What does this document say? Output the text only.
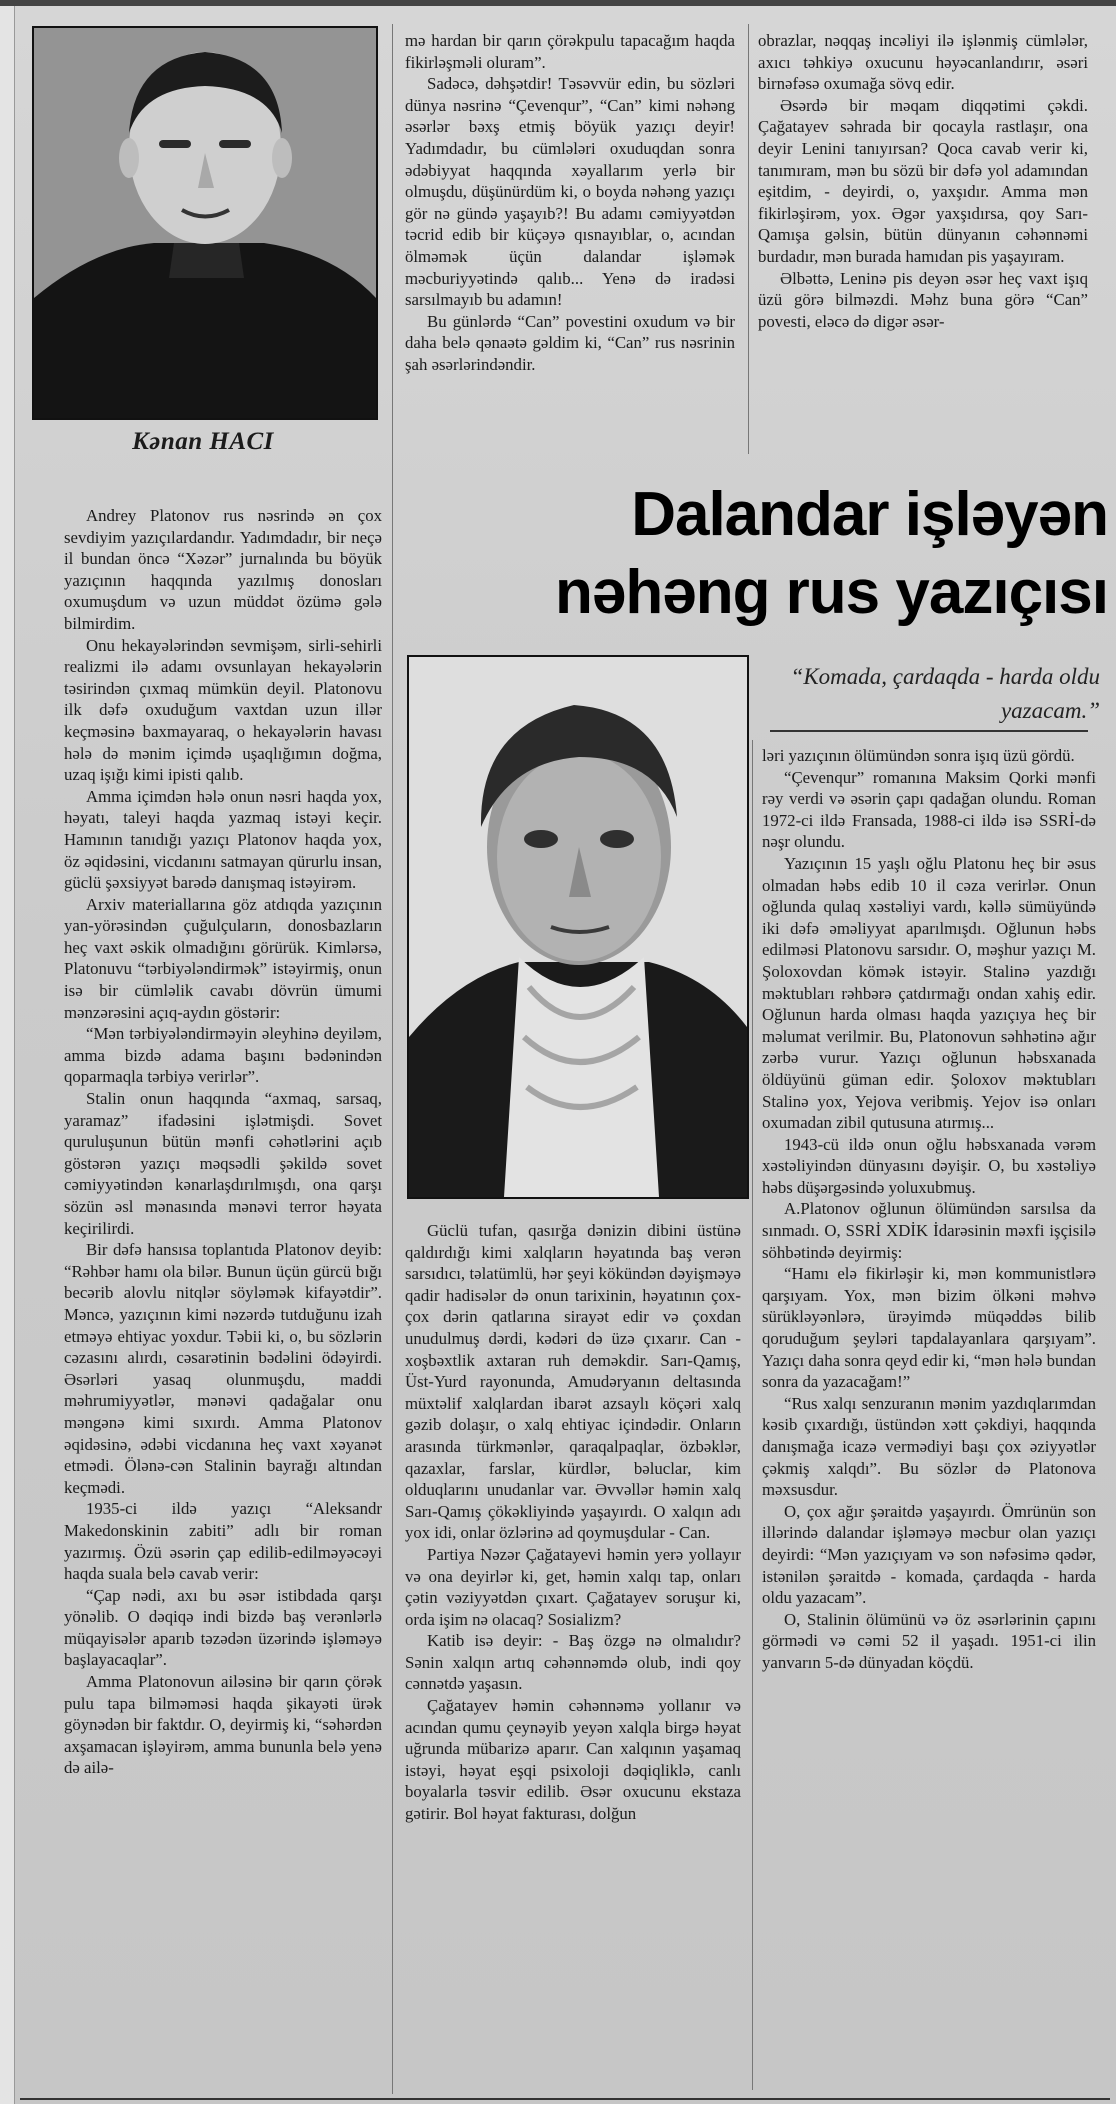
Kənan HACI

Andrey Platonov rus nəsrində ən çox sevdiyim yazıçılardandır. Yadımdadır, bir neçə il bundan öncə “Xəzər” jurnalında bu böyük yazıçının haqqında yazılmış donosları oxumuşdum və uzun müddət özümə gələ bilmirdim.

Onu hekayələrindən sevmişəm, sirli-sehirli realizmi ilə adamı ovsunlayan hekayələrin təsirindən çıxmaq mümkün deyil. Platonovu ilk dəfə oxuduğum vaxtdan uzun illər keçməsinə baxmayaraq, o hekayələrin havası hələ də mənim içimdə uşaqlığımın doğma, uzaq işığı kimi ipisti qalıb.

Amma içimdən hələ onun nəsri haqda yox, həyatı, taleyi haqda yazmaq istəyi keçir. Hamının tanıdığı yazıçı Platonov haqda yox, öz əqidəsini, vicdanını satmayan qürurlu insan, güclü şəxsiyyət barədə danışmaq istəyirəm.

Arxiv materiallarına göz atdıqda yazıçının yan-yörəsindən çuğulçuların, donosbazların heç vaxt əskik olmadığını görürük. Kimlərsə, Platonuvu “tərbiyələndirmək” istəyirmiş, onun isə bir cümləlik cavabı dövrün ümumi mənzərəsini açıq-aydın göstərir:

“Mən tərbiyələndirməyin əleyhinə deyiləm, amma bizdə adama başını bədənindən qoparmaqla tərbiyə verirlər”.

Stalin onun haqqında “axmaq, sarsaq, yaramaz” ifadəsini işlətmişdi. Sovet quruluşunun bütün mənfi cəhətlərini açıb göstərən yazıçı məqsədli şəkildə sovet cəmiyyətindən kənarlaşdırılmışdı, ona qarşı sözün əsl mənasında mənəvi terror həyata keçirilirdi.

Bir dəfə hansısa toplantıda Platonov deyib: “Rəhbər hamı ola bilər. Bunun üçün gürcü bığı becərib alovlu nitqlər söyləmək kifayətdir”. Məncə, yazıçının kimi nəzərdə tutduğunu izah etməyə ehtiyac yoxdur. Təbii ki, o, bu sözlərin cəzasını alırdı, cəsarətinin bədəlini ödəyirdi. Əsərləri yasaq olunmuşdu, maddi məhrumiyyətlər, mənəvi qadağalar onu məngənə kimi sıxırdı. Amma Platonov əqidəsinə, ədəbi vicdanına heç vaxt xəyanət etmədi. Ölənə-cən Stalinin bayrağı altından keçmədi.

1935-ci ildə yazıçı “Aleksandr Makedonskinin zabiti” adlı bir roman yazırmış. Özü əsərin çap edilib-edilməyəcəyi haqda suala belə cavab verir:

“Çap nədi, axı bu əsər istibdada qarşı yönəlib. O dəqiqə indi bizdə baş verənlərlə müqayisələr aparıb təzədən üzərində işləməyə başlayacaqlar”.

Amma Platonovun ailəsinə bir qarın çörək pulu tapa bilməməsi haqda şikayəti ürək göynədən bir faktdır. O, deyirmiş ki, “səhərdən axşamacan işləyirəm, amma bununla belə yenə də ailə-

mə hardan bir qarın çörəkpulu tapacağım haqda fikirləşməli oluram”.

Sadəcə, dəhşətdir! Təsəvvür edin, bu sözləri dünya nəsrinə “Çevenqur”, “Can” kimi nəhəng əsərlər bəxş etmiş böyük yazıçı deyir! Yadımdadır, bu cümlələri oxuduqdan sonra ədəbiyyat haqqında xəyallarım yerlə bir olmuşdu, düşünürdüm ki, o boyda nəhəng yazıçı gör nə gündə yaşayıb?! Bu adamı cəmiyyətdən təcrid edib bir küçəyə qısnayıblar, o, acından ölməmək üçün dalandar işləmək məcburiyyətində qalıb... Yenə də iradəsi sarsılmayıb bu adamın!

Bu günlərdə “Can” povestini oxudum və bir daha belə qənaətə gəldim ki, “Can” rus nəsrinin şah əsərlərindəndir.

obrazlar, nəqqaş incəliyi ilə işlənmiş cümlələr, axıcı təhkiyə oxucunu həyəcanlandırır, əsəri birnəfəsə oxumağa sövq edir.

Əsərdə bir məqam diqqətimi çəkdi. Çağatayev səhrada bir qocayla rastlaşır, ona deyir Lenini tanıyırsan? Qoca cavab verir ki, tanımıram, mən bu sözü bir dəfə yol adamından eşitdim, - deyirdi, o, yaxşıdır. Amma mən fikirləşirəm, yox. Əgər yaxşıdırsa, qoy Sarı-Qamışa gəlsin, bütün dünyanın cəhənnəmi burdadır, mən burada hamıdan pis yaşayıram.

Əlbəttə, Leninə pis deyən əsər heç vaxt işıq üzü görə bilməzdi. Məhz buna görə “Can” povesti, eləcə də digər əsər-

Dalandar işləyən
nəhəng rus yazıçısı
“Komada, çardaqda - harda oldu yazacam.”

Güclü tufan, qasırğa dənizin dibini üstünə qaldırdığı kimi xalqların həyatında baş verən sarsıdıcı, təlatümlü, hər şeyi kökündən dəyişməyə qadir hadisələr də onun tarixinin, həyatının çox-çox dərin qatlarına sirayət edir və çoxdan unudulmuş dərdi, kədəri də üzə çıxarır. Can - xoşbəxtlik axtaran ruh deməkdir. Sarı-Qamış, Üst-Yurd rayonunda, Amudəryanın deltasında müxtəlif xalqlardan ibarət azsaylı köçəri xalq gəzib dolaşır, o xalq ehtiyac içindədir. Onların arasında türkmənlər, qaraqalpaqlar, özbəklər, qazaxlar, farslar, kürdlər, bəluclar, kim olduqlarını unudanlar var. Əvvəllər həmin xalq Sarı-Qamış çökəkliyində yaşayırdı. O xalqın adı yox idi, onlar özlərinə ad qoymuşdular - Can.

Partiya Nəzər Çağatayevi həmin yerə yollayır və ona deyirlər ki, get, həmin xalqı tap, onları çətin vəziyyətdən çıxart. Çağatayev soruşur ki, orda işim nə olacaq? Sosializm?

Katib isə deyir: - Baş özgə nə olmalıdır? Sənin xalqın artıq cəhənnəmdə olub, indi qoy cənnətdə yaşasın.

Çağatayev həmin cəhənnəmə yollanır və acından qumu çeynəyib yeyən xalqla birgə həyat uğrunda mübarizə aparır. Can xalqının yaşamaq istəyi, həyat eşqi psixoloji dəqiqliklə, canlı boyalarla təsvir edilib. Əsər oxucunu ekstaza gətirir. Bol həyat fakturası, dolğun

ləri yazıçının ölümündən sonra işıq üzü gördü.

“Çevenqur” romanına Maksim Qorki mənfi rəy verdi və əsərin çapı qadağan olundu. Roman 1972-ci ildə Fransada, 1988-ci ildə isə SSRİ-də nəşr olundu.

Yazıçının 15 yaşlı oğlu Platonu heç bir əsus olmadan həbs edib 10 il cəza verirlər. Onun oğlunda qulaq xəstəliyi vardı, kəllə sümüyündə iki dəfə əməliyyat aparılmışdı. Oğlunun həbs edilməsi Platonovu sarsıdır. O, məşhur yazıçı M. Şoloxovdan kömək istəyir. Stalinə yazdığı məktubları rəhbərə çatdırmağı ondan xahiş edir. Oğlunun harda olması haqda yazıçıya heç bir məlumat verilmir. Bu, Platonovun səhhətinə ağır zərbə vurur. Yazıçı oğlunun həbsxanada öldüyünü güman edir. Şoloxov məktubları Stalinə yox, Yejova veribmiş. Yejov isə onları oxumadan zibil qutusuna atırmış...

1943-cü ildə onun oğlu həbsxanada vərəm xəstəliyindən dünyasını dəyişir. O, bu xəstəliyə həbs düşərgəsində yoluxubmuş.

A.Platonov oğlunun ölümündən sarsılsa da sınmadı. O, SSRİ XDİK İdarəsinin məxfi işçisilə söhbətində deyirmiş:

“Hamı elə fikirləşir ki, mən kommunistlərə qarşıyam. Yox, mən bizim ölkəni məhvə sürükləyənlərə, ürəyimdə müqəddəs bilib qoruduğum şeyləri tapdalayanlara qarşıyam”. Yazıçı daha sonra qeyd edir ki, “mən hələ bundan sonra da yazacağam!”

“Rus xalqı senzuranın mənim yazdıqlarımdan kəsib çıxardığı, üstündən xətt çəkdiyi, haqqında danışmağa icazə vermədiyi başı çox əziyyətlər çəkmiş xalqdı”. Bu sözlər də Platonova məxsusdur.

O, çox ağır şəraitdə yaşayırdı. Ömrünün son illərində dalandar işləməyə məcbur olan yazıçı deyirdi: “Mən yazıçıyam və son nəfəsimə qədər, istənilən şəraitdə - komada, çardaqda - harda oldu yazacam”.

O, Stalinin ölümünü və öz əsərlərinin çapını görmədi və cəmi 52 il yaşadı. 1951-ci ilin yanvarın 5-də dünyadan köçdü.
